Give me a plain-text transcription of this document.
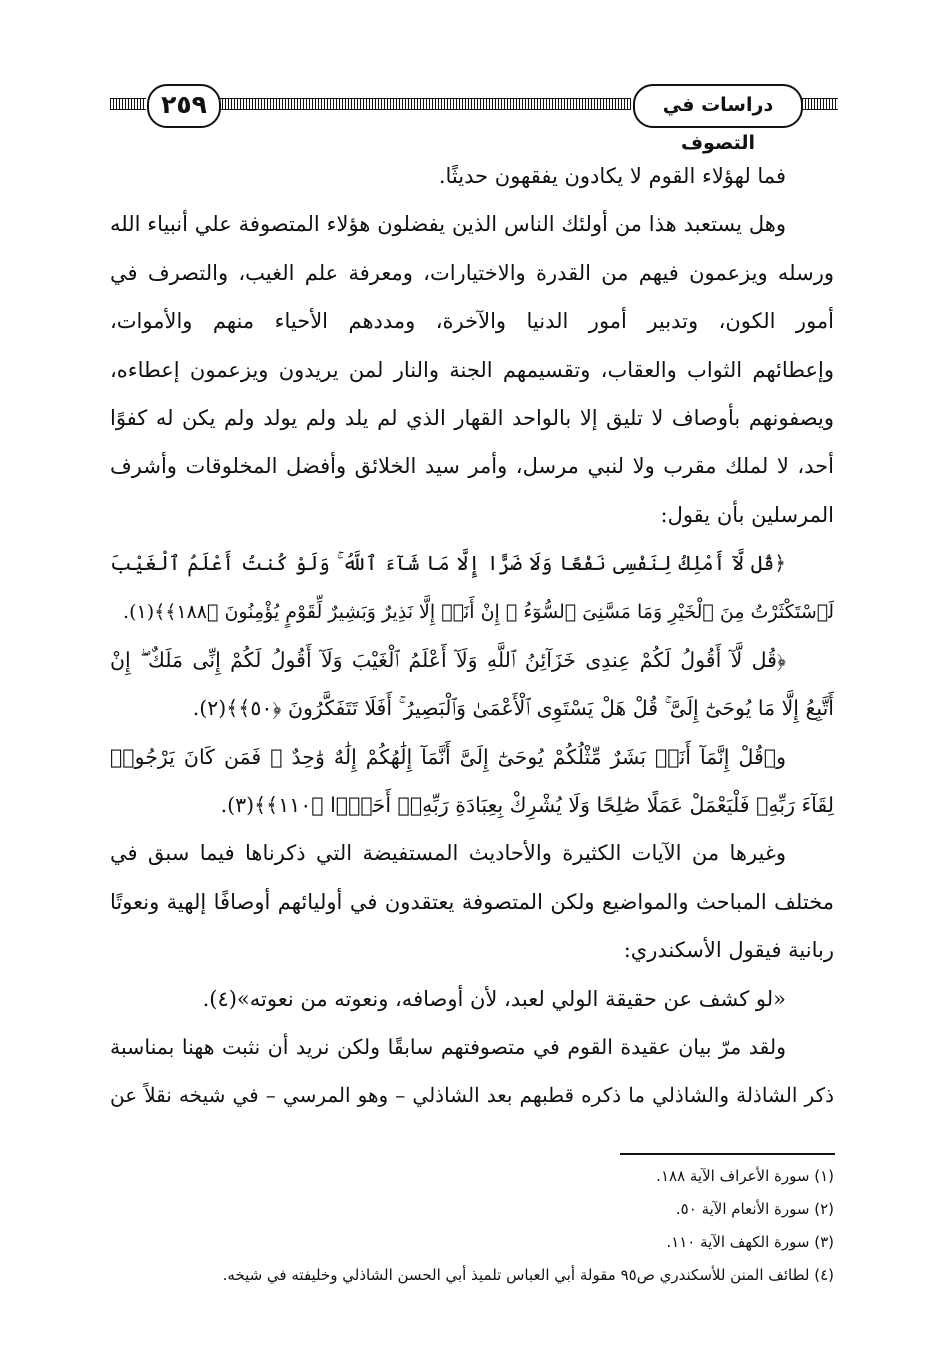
٢٥٩	دراسات في التصوف
فما لهؤلاء القوم لا يكادون يفقهون حديثًا.
وهل يستعبد هذا من أولئك الناس الذين يفضلون هؤلاء المتصوفة علي أنبياء الله
ورسله ويزعمون فيهم من القدرة والاختيارات، ومعرفة علم الغيب، والتصرف في
أمور الكون، وتدبير أمور الدنيا والآخرة، ومددهم الأحياء منهم والأموات،
وإعطائهم الثواب والعقاب، وتقسيمهم الجنة والنار لمن يريدون ويزعمون إعطاءه،
ويصفونهم بأوصاف لا تليق إلا بالواحد القهار الذي لم يلد ولم يولد ولم يكن له كفوًا
أحد، لا لملك مقرب ولا لنبي مرسل، وأمر سيد الخلائق وأفضل المخلوقات وأشرف
المرسلين بأن يقول:
﴿قُل لَّآ أَمْلِكُ لِنَفْسِى نَفْعًا وَلَا ضَرًّا إِلَّا مَا شَآءَ ٱللَّهُ ۚ وَلَوْ كُنتُ أَعْلَمُ ٱلْغَيْبَ
لَٱسْتَكْثَرْتُ مِنَ ٱلْخَيْرِ وَمَا مَسَّنِىَ ٱلسُّوٓءُ ۚ إِنْ أَنَا۠ إِلَّا نَذِيرٌ وَبَشِيرٌ لِّقَوْمٍ يُؤْمِنُونَ ﴿١٨٨﴾﴾(١).
﴿قُل لَّآ أَقُولُ لَكُمْ عِندِى خَزَآئِنُ ٱللَّهِ وَلَآ أَعْلَمُ ٱلْغَيْبَ وَلَآ أَقُولُ لَكُمْ إِنِّى مَلَكٌ ۖ إِنْ
أَتَّبِعُ إِلَّا مَا يُوحَىٰٓ إِلَىَّ ۚ قُلْ هَلْ يَسْتَوِى ٱلْأَعْمَىٰ وَٱلْبَصِيرُ ۚ أَفَلَا تَتَفَكَّرُونَ ﴿٥٠﴾﴾(٢).
و﴿قُلْ إِنَّمَآ أَنَا۠ بَشَرٌ مِّثْلُكُمْ يُوحَىٰٓ إِلَىَّ أَنَّمَآ إِلَٰهُكُمْ إِلَٰهٌ وَٰحِدٌ ۖ فَمَن كَانَ يَرْجُوا۟
لِقَآءَ رَبِّهِۦ فَلْيَعْمَلْ عَمَلًا صَٰلِحًا وَلَا يُشْرِكْ بِعِبَادَةِ رَبِّهِۦٓ أَحَدًۢا ﴿١١٠﴾﴾(٣).
وغيرها من الآيات الكثيرة والأحاديث المستفيضة التي ذكرناها فيما سبق في
مختلف المباحث والمواضيع ولكن المتصوفة يعتقدون في أوليائهم أوصافًا إلهية ونعوتًا
ربانية فيقول الأسكندري:
«لو كشف عن حقيقة الولي لعبد، لأن أوصافه، ونعوته من نعوته»(٤).
ولقد مرّ بيان عقيدة القوم في متصوفتهم سابقًا ولكن نريد أن نثبت ههنا بمناسبة
ذكر الشاذلة والشاذلي ما ذكره قطبهم بعد الشاذلي – وهو المرسي – في شيخه نقلاً عن
(١) سورة الأعراف الآية ١٨٨.
(٢) سورة الأنعام الآية ٥٠.
(٣) سورة الكهف الآية ١١٠.
(٤) لطائف المنن للأسكندري ص٩٥ مقولة أبي العباس تلميذ أبي الحسن الشاذلي وخليفته في شيخه.
